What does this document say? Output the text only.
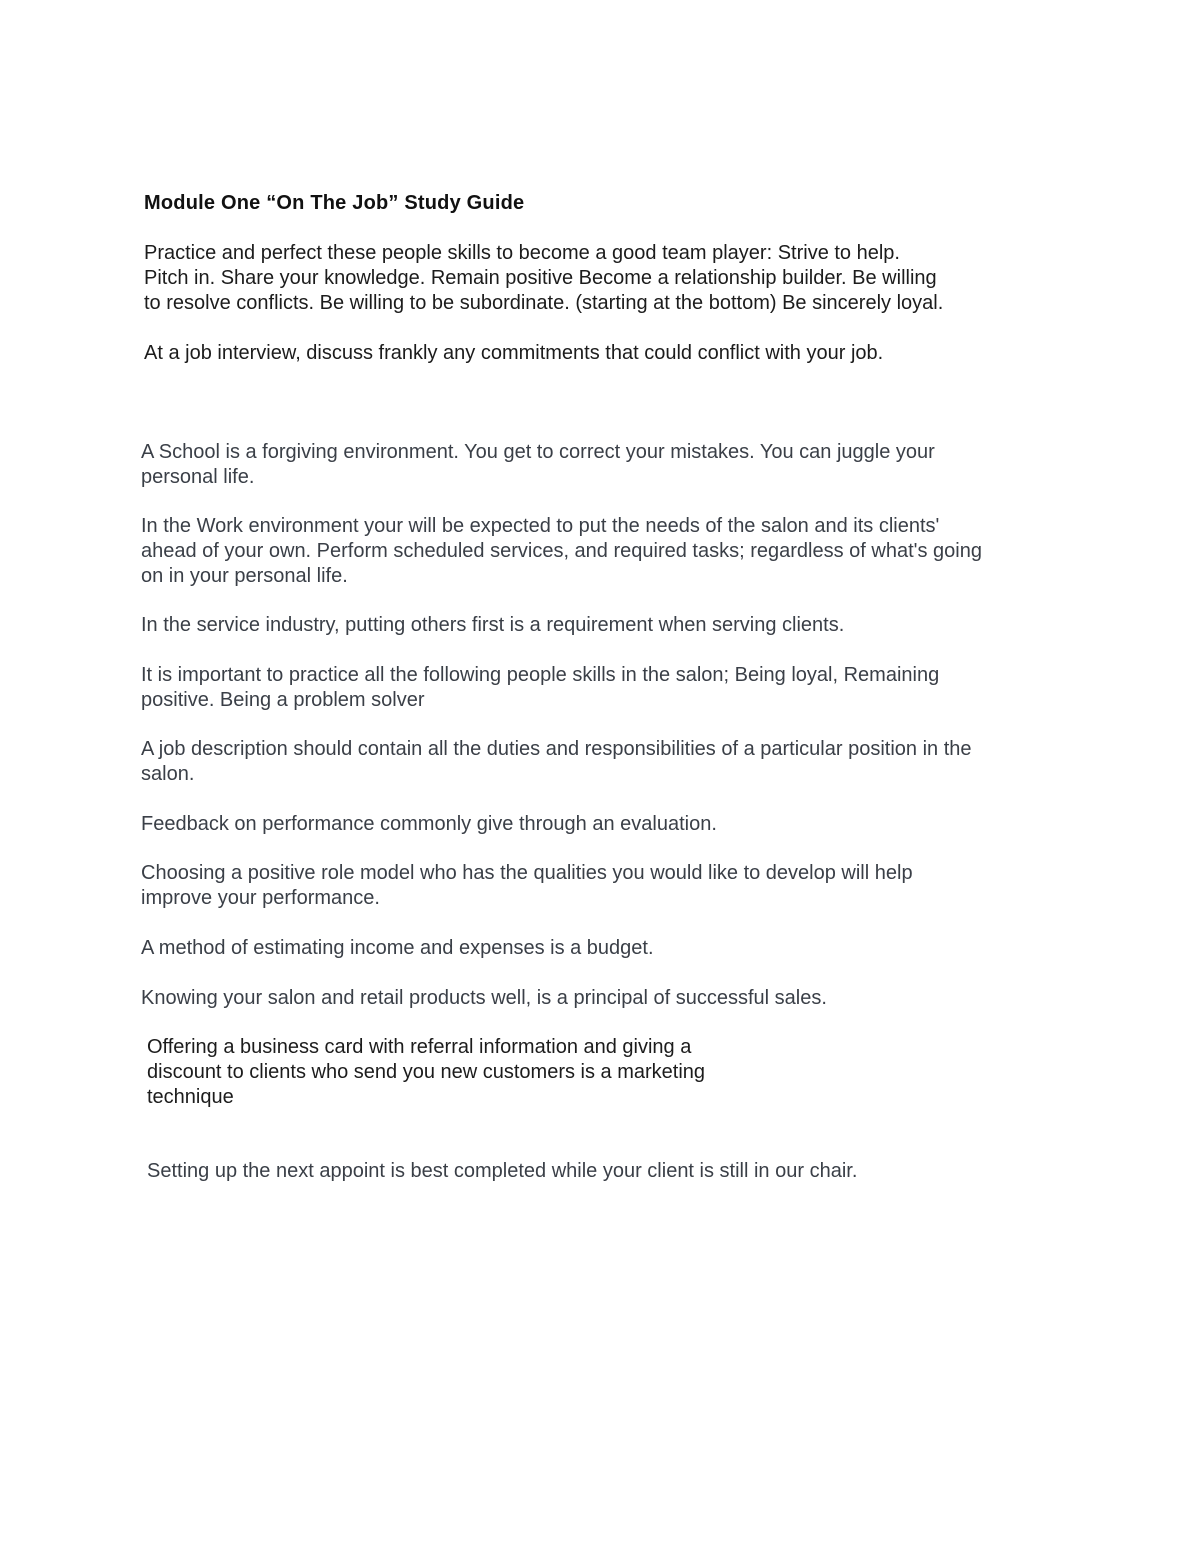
Module One “On The Job” Study Guide

Practice and perfect these people skills to become a good team player: Strive to help.
Pitch in. Share your knowledge. Remain positive Become a relationship builder. Be willing
to resolve conflicts. Be willing to be subordinate. (starting at the bottom) Be sincerely loyal.

At a job interview, discuss frankly any commitments that could conflict with your job.

A School is a forgiving environment. You get to correct your mistakes. You can juggle your
personal life.

In the Work environment your will be expected to put the needs of the salon and its clients'
ahead of your own. Perform scheduled services, and required tasks; regardless of what's going
on in your personal life.

In the service industry, putting others first is a requirement when serving clients.

It is important to practice all the following people skills in the salon; Being loyal, Remaining
positive. Being a problem solver

A job description should contain all the duties and responsibilities of a particular position in the
salon.

Feedback on performance commonly give through an evaluation.

Choosing a positive role model who has the qualities you would like to develop will help
improve your performance.

A method of estimating income and expenses is a budget.

Knowing your salon and retail products well, is a principal of successful sales.

Offering a business card with referral information and giving a
discount to clients who send you new customers is a marketing
technique

Setting up the next appoint is best completed while your client is still in our chair.
